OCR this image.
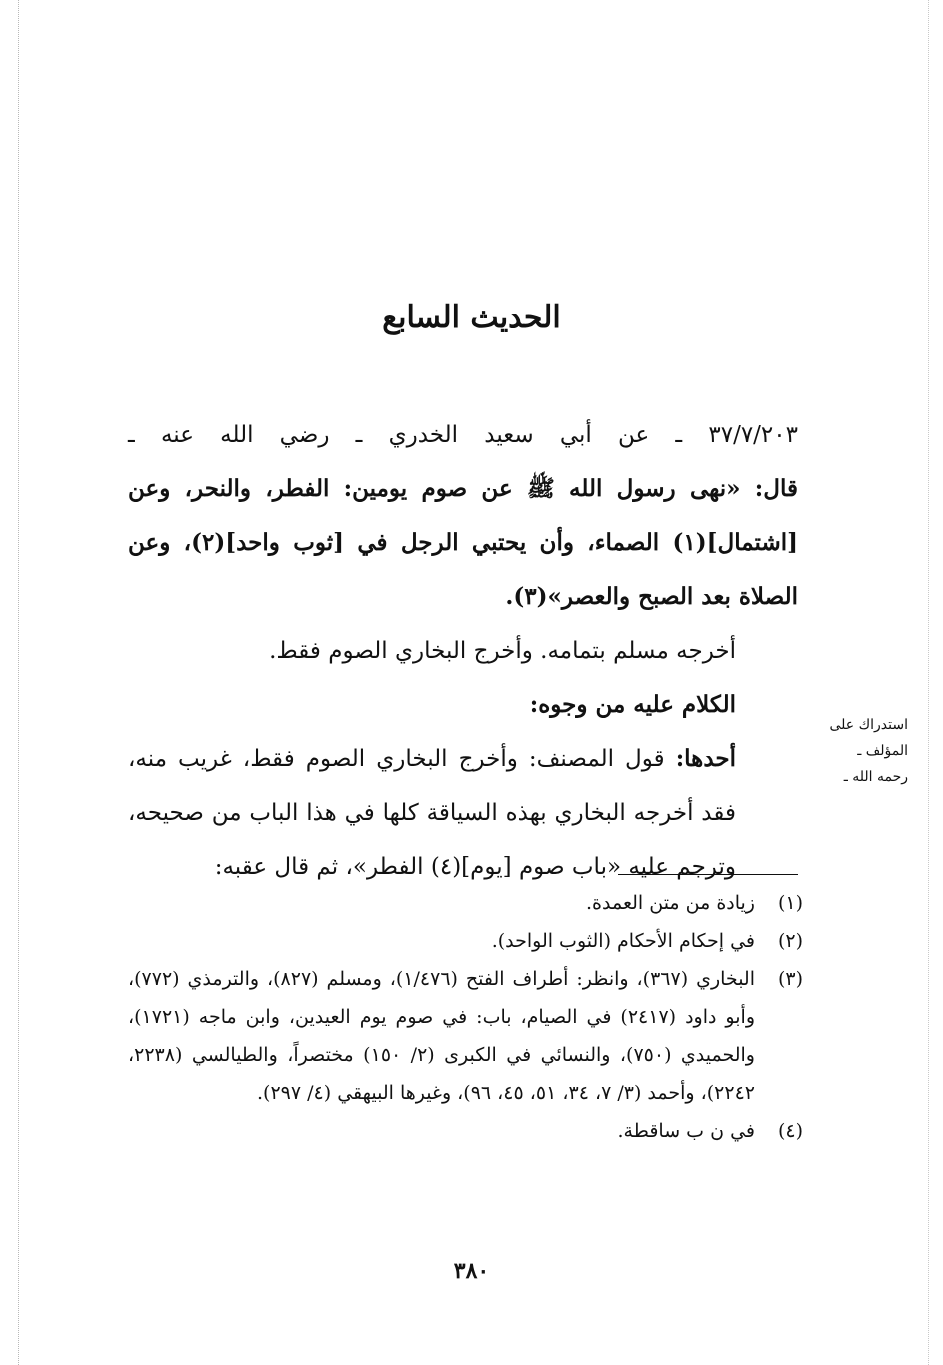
الحديث السابع

٣٧/٧/٢٠٣ ـ عن أبي سعيد الخدري ـ رضي الله عنه ـ

قال: «نهى رسول الله ﷺ عن صوم يومين: الفطر، والنحر، وعن [اشتمال](١) الصماء، وأن يحتبي الرجل في [ثوب واحد](٢)، وعن الصلاة بعد الصبح والعصر»(٣).

أخرجه مسلم بتمامه. وأخرج البخاري الصوم فقط.

الكلام عليه من وجوه:

أحدها: قول المصنف: وأخرج البخاري الصوم فقط، غريب منه، فقد أخرجه البخاري بهذه السياقة كلها في هذا الباب من صحيحه، وترجم عليه «باب صوم [يوم](٤) الفطر»، ثم قال عقبه:

استدراك على
المؤلف ـ
رحمه الله ـ

(١)
زيادة من متن العمدة.

(٢)
في إحكام الأحكام (الثوب الواحد).

(٣)
البخاري (٣٦٧)، وانظر: أطراف الفتح (١/٤٧٦)، ومسلم (٨٢٧)، والترمذي (٧٧٢)، وأبو داود (٢٤١٧) في الصيام، باب: في صوم يوم العيدين، وابن ماجه (١٧٢١)، والحميدي (٧٥٠)، والنسائي في الكبرى (٢/ ١٥٠) مختصراً، والطيالسي (٢٢٣٨، ٢٢٤٢)، وأحمد (٣/ ٧، ٣٤، ٥١، ٤٥، ٩٦)، وغيرها البيهقي (٤/ ٢٩٧).

(٤)
في ن ب ساقطة.

٣٨٠
